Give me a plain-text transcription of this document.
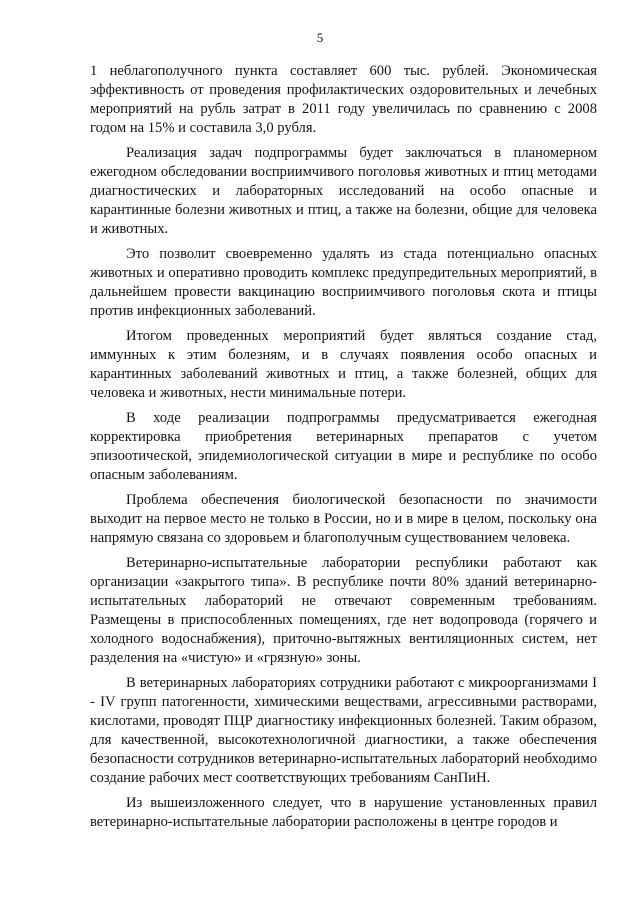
5

1 неблагополучного пункта составляет 600 тыс. рублей. Экономическая эффективность от проведения профилактических оздоровительных и лечебных мероприятий на рубль затрат в 2011 году увеличилась по сравнению с 2008 годом на 15% и составила 3,0 рубля.

Реализация задач подпрограммы будет заключаться в планомерном ежегодном обследовании восприимчивого поголовья животных и птиц методами диагностических и лабораторных исследований на особо опасные и карантинные болезни животных и птиц, а также на болезни, общие для человека и животных.

Это позволит своевременно удалять из стада потенциально опасных животных и оперативно проводить комплекс предупредительных мероприятий, в дальнейшем провести вакцинацию восприимчивого поголовья скота и птицы против инфекционных заболеваний.

Итогом проведенных мероприятий будет являться создание стад, иммунных к этим болезням, и в случаях появления особо опасных и карантинных заболеваний животных и птиц, а также болезней, общих для человека и животных, нести минимальные потери.

В ходе реализации подпрограммы предусматривается ежегодная корректировка приобретения ветеринарных препаратов с учетом эпизоотической, эпидемиологической ситуации в мире и республике по особо опасным заболеваниям.

Проблема обеспечения биологической безопасности по значимости выходит на первое место не только в России, но и в мире в целом, поскольку она напрямую связана со здоровьем и благополучным существованием человека.

Ветеринарно-испытательные лаборатории республики работают как организации «закрытого типа». В республике почти 80% зданий ветеринарно-испытательных лабораторий не отвечают современным требованиям. Размещены в приспособленных помещениях, где нет водопровода (горячего и холодного водоснабжения), приточно-вытяжных вентиляционных систем, нет разделения на «чистую» и «грязную» зоны.

В ветеринарных лабораториях сотрудники работают с микроорганизмами I - IV групп патогенности, химическими веществами, агрессивными растворами, кислотами, проводят ПЦР диагностику инфекционных болезней. Таким образом, для качественной, высокотехнологичной диагностики, а также обеспечения безопасности сотрудников ветеринарно-испытательных лабораторий необходимо создание рабочих мест соответствующих требованиям СанПиН.

Из вышеизложенного следует, что в нарушение установленных правил ветеринарно-испытательные лаборатории расположены в центре городов и
